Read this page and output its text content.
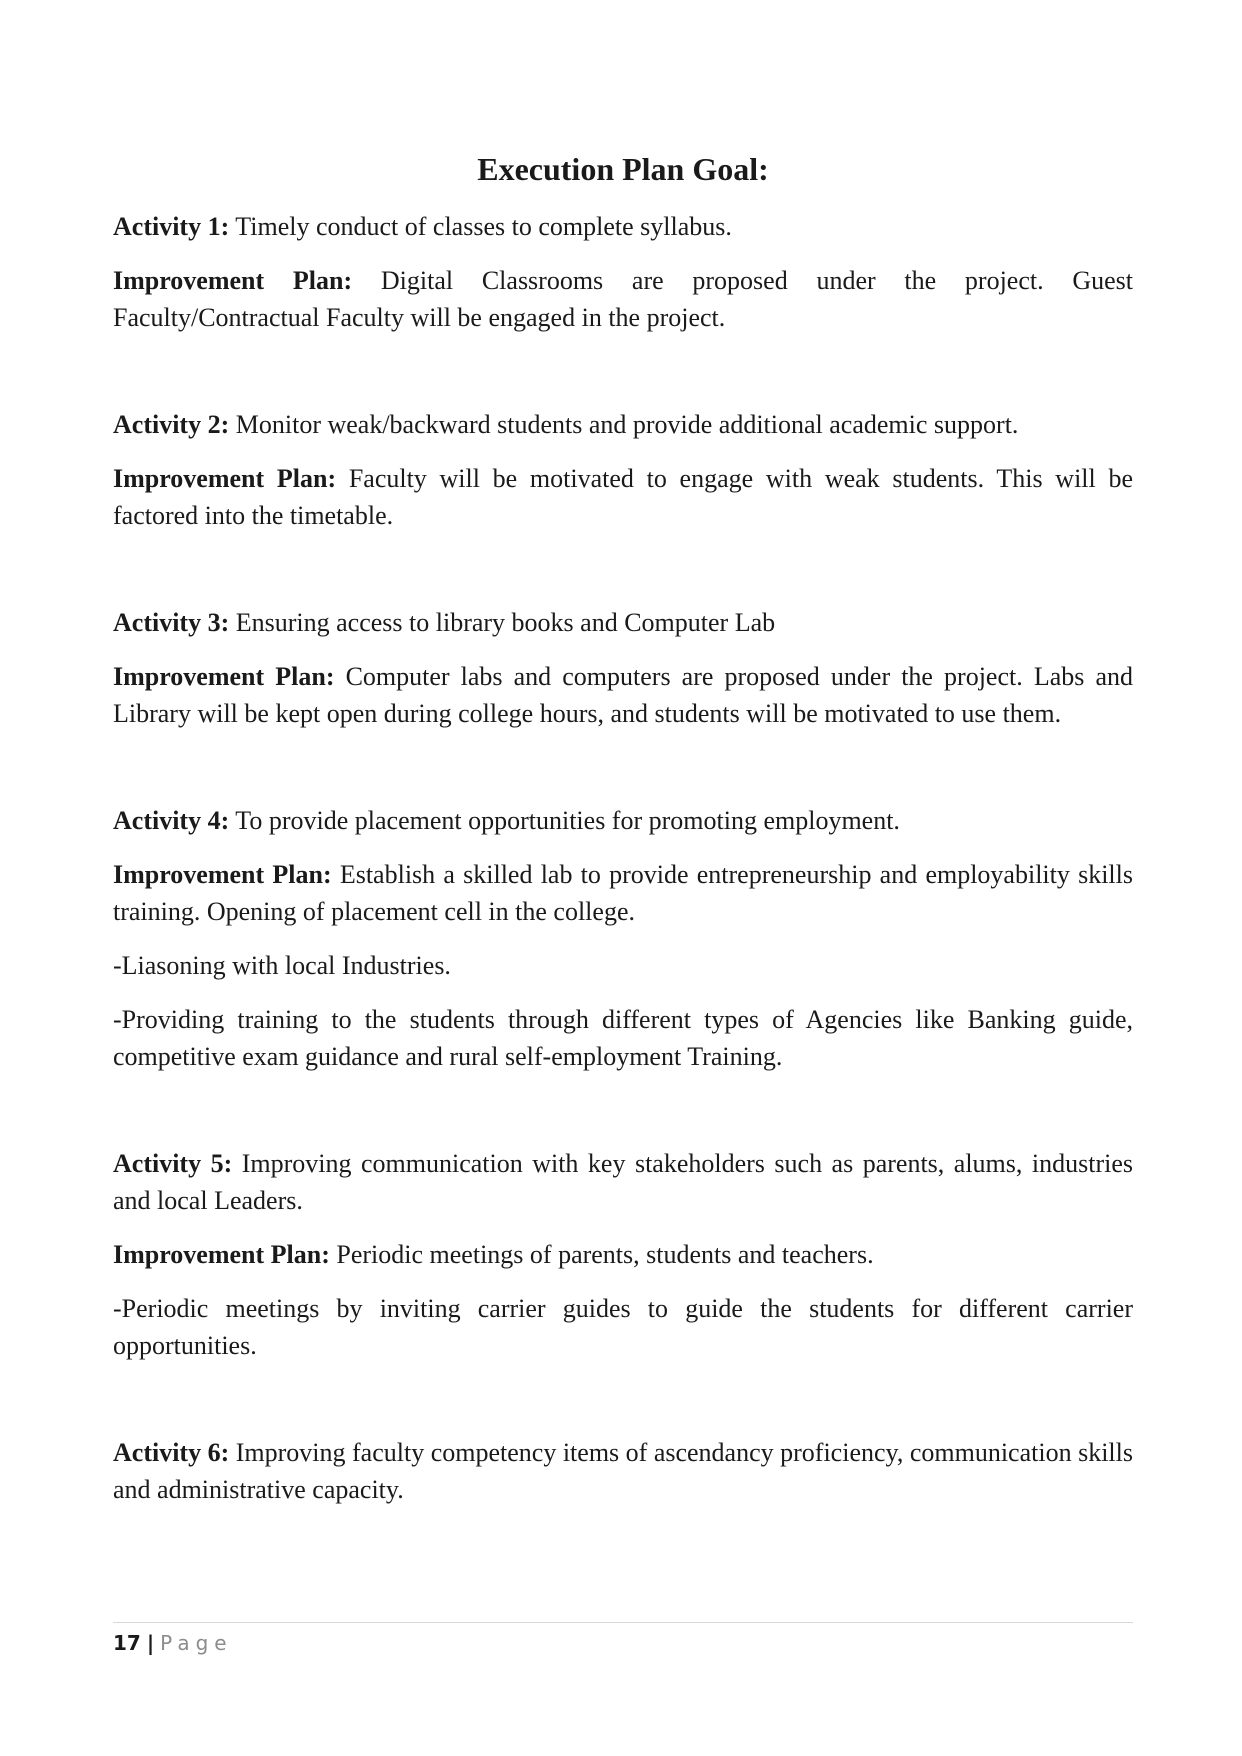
Execution Plan Goal:

Activity 1: Timely conduct of classes to complete syllabus.

Improvement Plan: Digital Classrooms are proposed under the project. Guest Faculty/Contractual Faculty will be engaged in the project.

Activity 2: Monitor weak/backward students and provide additional academic support.

Improvement Plan: Faculty will be motivated to engage with weak students. This will be factored into the timetable.

Activity 3: Ensuring access to library books and Computer Lab

Improvement Plan: Computer labs and computers are proposed under the project. Labs and Library will be kept open during college hours, and students will be motivated to use them.

Activity 4: To provide placement opportunities for promoting employment.

Improvement Plan: Establish a skilled lab to provide entrepreneurship and employability skills training. Opening of placement cell in the college.

-Liasoning with local Industries.

-Providing training to the students through different types of Agencies like Banking guide, competitive exam guidance and rural self-employment Training.

Activity 5: Improving communication with key stakeholders such as parents, alums, industries and local Leaders.

Improvement Plan: Periodic meetings of parents, students and teachers.

-Periodic meetings by inviting carrier guides to guide the students for different carrier opportunities.

Activity 6: Improving faculty competency items of ascendancy proficiency, communication skills and administrative capacity.

17 | Page
